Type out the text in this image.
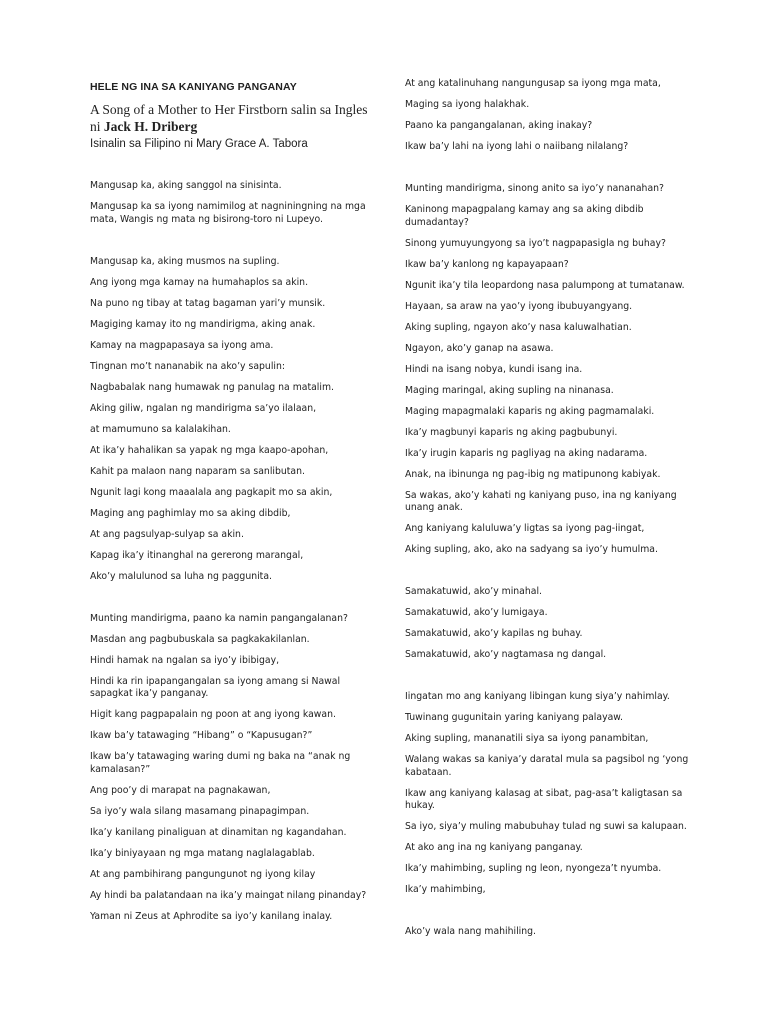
HELE NG INA SA KANIYANG PANGANAY
A Song of a Mother to Her Firstborn salin sa Ingles ni Jack H. Driberg
Isinalin sa Filipino ni Mary Grace A. Tabora

Mangusap ka, aking sanggol na sinisinta.

Mangusap ka sa iyong namimilog at nagniningning na mga mata, Wangis ng mata ng bisirong-toro ni Lupeyo.

Mangusap ka, aking musmos na supling.

Ang iyong mga kamay na humahaplos sa akin.

Na puno ng tibay at tatag bagaman yari’y munsik.

Magiging kamay ito ng mandirigma, aking anak.

Kamay na magpapasaya sa iyong ama.

Tingnan mo’t nananabik na ako’y sapulin:

Nagbabalak nang humawak ng panulag na matalim.

Aking giliw, ngalan ng mandirigma sa’yo ilalaan,

at mamumuno sa kalalakihan.

At ika’y hahalikan sa yapak ng mga kaapo-apohan,

Kahit pa malaon nang naparam sa sanlibutan.

Ngunit lagi kong maaalala ang pagkapit mo sa akin,

Maging ang paghimlay mo sa aking dibdib,

At ang pagsulyap-sulyap sa akin.

Kapag ika’y itinanghal na gererong marangal,

Ako’y malulunod sa luha ng paggunita.

Munting mandirigma, paano ka namin pangangalanan?

Masdan ang pagbubuskala sa pagkakakilanlan.

Hindi hamak na ngalan sa iyo’y ibibigay,

Hindi ka rin ipapangangalan sa iyong amang si Nawal sapagkat ika’y panganay.

Higit kang pagpapalain ng poon at ang iyong kawan.

Ikaw ba’y tatawaging “Hibang” o “Kapusugan?”

Ikaw ba’y tatawaging waring dumi ng baka na “anak ng kamalasan?”

Ang poo’y di marapat na pagnakawan,

Sa iyo’y wala silang masamang pinapagimpan.

Ika’y kanilang pinaliguan at dinamitan ng kagandahan.

Ika’y biniyayaan ng mga matang naglalagablab.

At ang pambihirang pangungunot ng iyong kilay

Ay hindi ba palatandaan na ika’y maingat nilang pinanday?

Yaman ni Zeus at Aphrodite sa iyo’y kanilang inalay.

At ang katalinuhang nangungusap sa iyong mga mata,

Maging sa iyong halakhak.

Paano ka pangangalanan, aking inakay?

Ikaw ba’y lahi na iyong lahi o naiibang nilalang?

Munting mandirigma, sinong anito sa iyo’y nananahan?

Kaninong mapagpalang kamay ang sa aking dibdib dumadantay?

Sinong yumuyungyong sa iyo’t nagpapasigla ng buhay?

Ikaw ba’y kanlong ng kapayapaan?

Ngunit ika’y tila leopardong nasa palumpong at tumatanaw.

Hayaan, sa araw na yao’y iyong ibubuyangyang.

Aking supling, ngayon ako’y nasa kaluwalhatian.

Ngayon, ako’y ganap na asawa.

Hindi na isang nobya, kundi isang ina.

Maging maringal, aking supling na ninanasa.

Maging mapagmalaki kaparis ng aking pagmamalaki.

Ika’y magbunyi kaparis ng aking pagbubunyi.

Ika’y irugin kaparis ng pagliyag na aking nadarama.

Anak, na ibinunga ng pag-ibig ng matipunong kabiyak.

Sa wakas, ako’y kahati ng kaniyang puso, ina ng kaniyang unang anak.

Ang kaniyang kaluluwa’y ligtas sa iyong pag-iingat,

Aking supling, ako, ako na sadyang sa iyo’y humulma.

Samakatuwid, ako’y minahal.

Samakatuwid, ako’y lumigaya.

Samakatuwid, ako’y kapilas ng buhay.

Samakatuwid, ako’y nagtamasa ng dangal.

Iingatan mo ang kaniyang libingan kung siya’y nahimlay.

Tuwinang gugunitain yaring kaniyang palayaw.

Aking supling, mananatili siya sa iyong panambitan,

Walang wakas sa kaniya’y daratal mula sa pagsibol ng ‘yong kabataan.

Ikaw ang kaniyang kalasag at sibat, pag-asa’t kaligtasan sa hukay.

Sa iyo, siya’y muling mabubuhay tulad ng suwi sa kalupaan.

At ako ang ina ng kaniyang panganay.

Ika’y mahimbing, supling ng leon, nyongeza’t nyumba.

Ika’y mahimbing,

Ako’y wala nang mahihiling.
